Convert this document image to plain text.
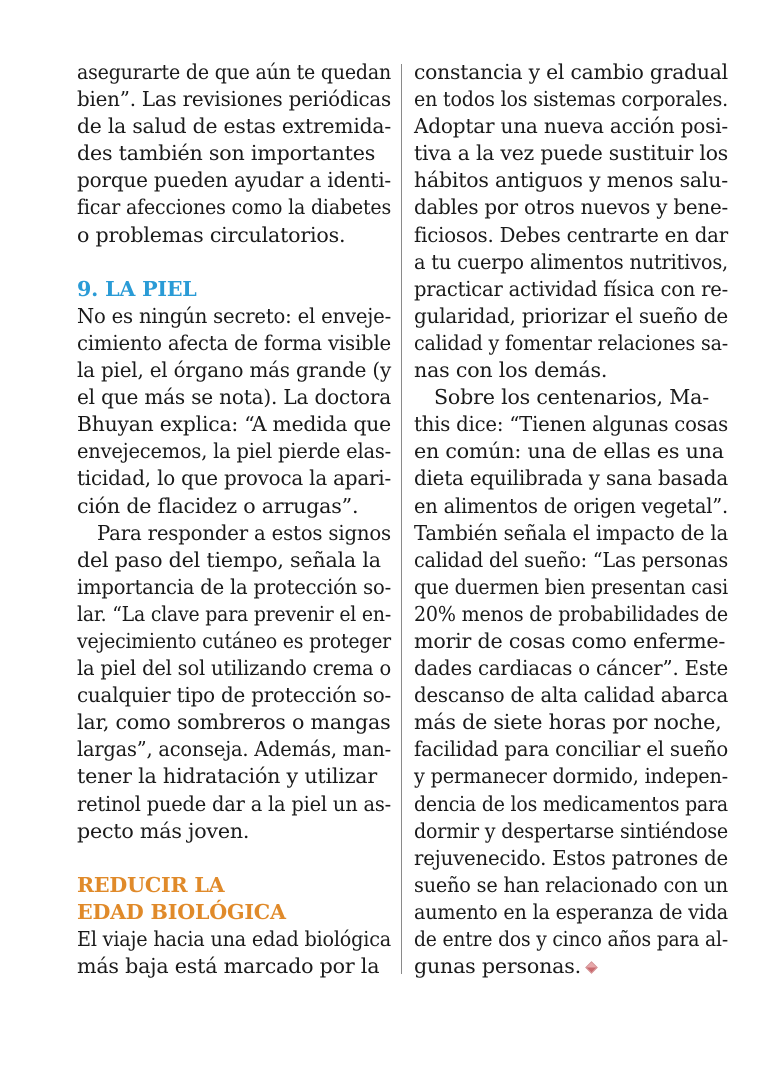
asegurarte de que aún te quedan
bien”. Las revisiones periódicas
de la salud de estas extremida-
des también son importantes
porque pueden ayudar a identi-
ficar afecciones como la diabetes
o problemas circulatorios.
9. LA PIEL
No es ningún secreto: el enveje-
cimiento afecta de forma visible
la piel, el órgano más grande (y
el que más se nota). La doctora
Bhuyan explica: “A medida que
envejecemos, la piel pierde elas-
ticidad, lo que provoca la apari-
ción de flacidez o arrugas”.
Para responder a estos signos
del paso del tiempo, señala la
importancia de la protección so-
lar. “La clave para prevenir el en-
vejecimiento cutáneo es proteger
la piel del sol utilizando crema o
cualquier tipo de protección so-
lar, como sombreros o mangas
largas”, aconseja. Además, man-
tener la hidratación y utilizar
retinol puede dar a la piel un as-
pecto más joven.
REDUCIR LA
EDAD BIOLÓGICA
El viaje hacia una edad biológica
más baja está marcado por la
constancia y el cambio gradual
en todos los sistemas corporales.
Adoptar una nueva acción posi-
tiva a la vez puede sustituir los
hábitos antiguos y menos salu-
dables por otros nuevos y bene-
ficiosos. Debes centrarte en dar
a tu cuerpo alimentos nutritivos,
practicar actividad física con re-
gularidad, priorizar el sueño de
calidad y fomentar relaciones sa-
nas con los demás.
Sobre los centenarios, Ma-
this dice: “Tienen algunas cosas
en común: una de ellas es una
dieta equilibrada y sana basada
en alimentos de origen vegetal”.
También señala el impacto de la
calidad del sueño: “Las personas
que duermen bien presentan casi
20% menos de probabilidades de
morir de cosas como enferme-
dades cardiacas o cáncer”. Este
descanso de alta calidad abarca
más de siete horas por noche,
facilidad para conciliar el sueño
y permanecer dormido, indepen-
dencia de los medicamentos para
dormir y despertarse sintiéndose
rejuvenecido. Estos patrones de
sueño se han relacionado con un
aumento en la esperanza de vida
de entre dos y cinco años para al-
gunas personas.
